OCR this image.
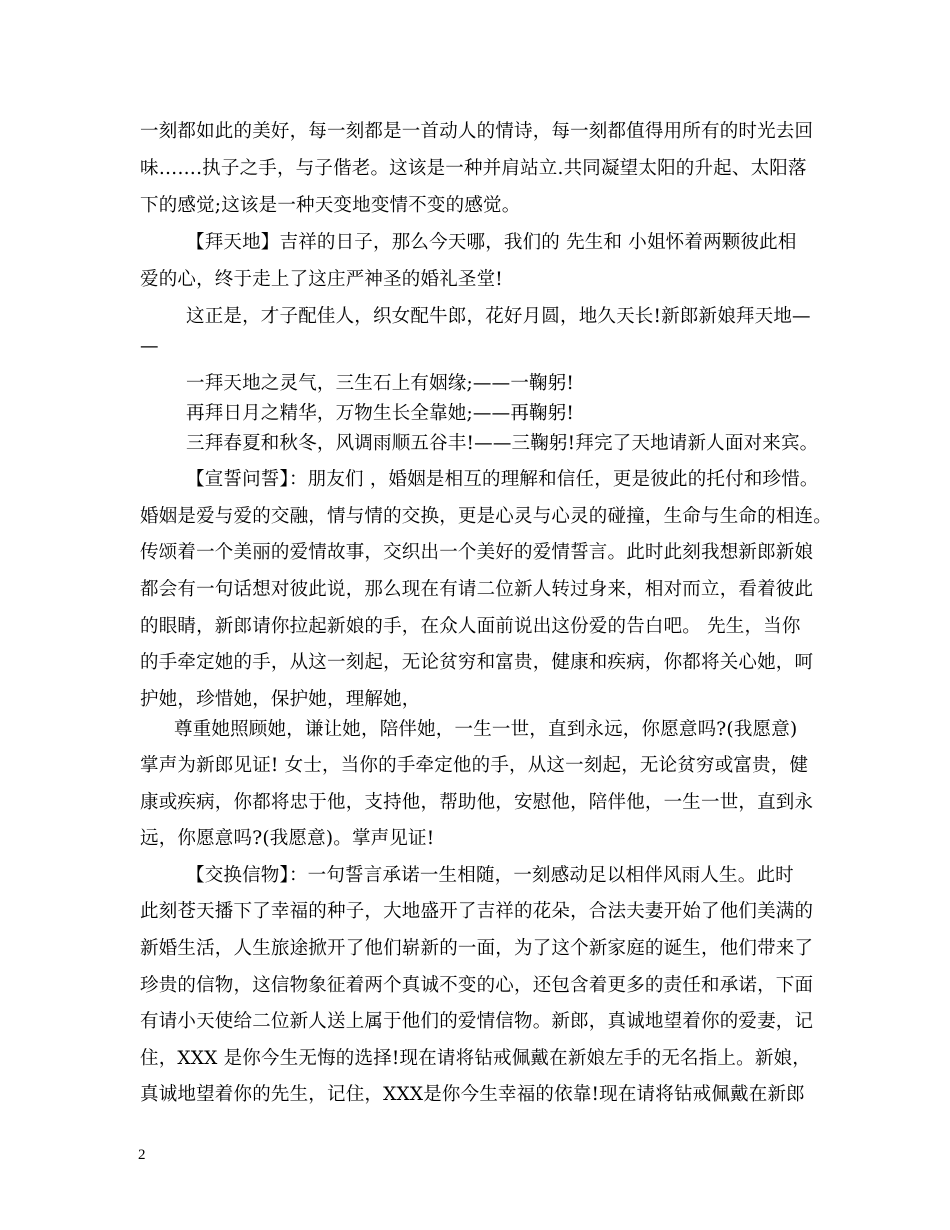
一刻都如此的美好，每一刻都是一首动人的情诗，每一刻都值得用所有的时光去回
味…….执子之手，与子偕老。这该是一种并肩站立.共同凝望太阳的升起、太阳落
下的感觉;这该是一种天变地变情不变的感觉。
【拜天地】吉祥的日子，那么今天哪，我们的 先生和 小姐怀着两颗彼此相
爱的心，终于走上了这庄严神圣的婚礼圣堂!
这正是，才子配佳人，织女配牛郎，花好月圆，地久天长!新郎新娘拜天地—
—
一拜天地之灵气，三生石上有姻缘;——一鞠躬!
再拜日月之精华，万物生长全靠她;——再鞠躬!
三拜春夏和秋冬，风调雨顺五谷丰!——三鞠躬!拜完了天地请新人面对来宾。
【宣誓问誓】：朋友们 ，婚姻是相互的理解和信任，更是彼此的托付和珍惜。
婚姻是爱与爱的交融，情与情的交换，更是心灵与心灵的碰撞，生命与生命的相连。
传颂着一个美丽的爱情故事，交织出一个美好的爱情誓言。此时此刻我想新郎新娘
都会有一句话想对彼此说，那么现在有请二位新人转过身来，相对而立，看着彼此
的眼睛，新郎请你拉起新娘的手，在众人面前说出这份爱的告白吧。 先生，当你
的手牵定她的手，从这一刻起，无论贫穷和富贵，健康和疾病，你都将关心她，呵
护她，珍惜她，保护她，理解她，
尊重她照顾她，谦让她，陪伴她，一生一世，直到永远，你愿意吗?(我愿意)
掌声为新郎见证! 女士，当你的手牵定他的手，从这一刻起，无论贫穷或富贵，健
康或疾病，你都将忠于他，支持他，帮助他，安慰他，陪伴他，一生一世，直到永
远，你愿意吗?(我愿意)。掌声见证!
【交换信物】：一句誓言承诺一生相随，一刻感动足以相伴风雨人生。此时
此刻苍天播下了幸福的种子，大地盛开了吉祥的花朵，合法夫妻开始了他们美满的
新婚生活，人生旅途掀开了他们崭新的一面，为了这个新家庭的诞生，他们带来了
珍贵的信物，这信物象征着两个真诚不变的心，还包含着更多的责任和承诺，下面
有请小天使给二位新人送上属于他们的爱情信物。新郎，真诚地望着你的爱妻，记
住，XXX 是你今生无悔的选择!现在请将钻戒佩戴在新娘左手的无名指上。新娘，
真诚地望着你的先生，记住，XXX是你今生幸福的依靠!现在请将钻戒佩戴在新郎
2
